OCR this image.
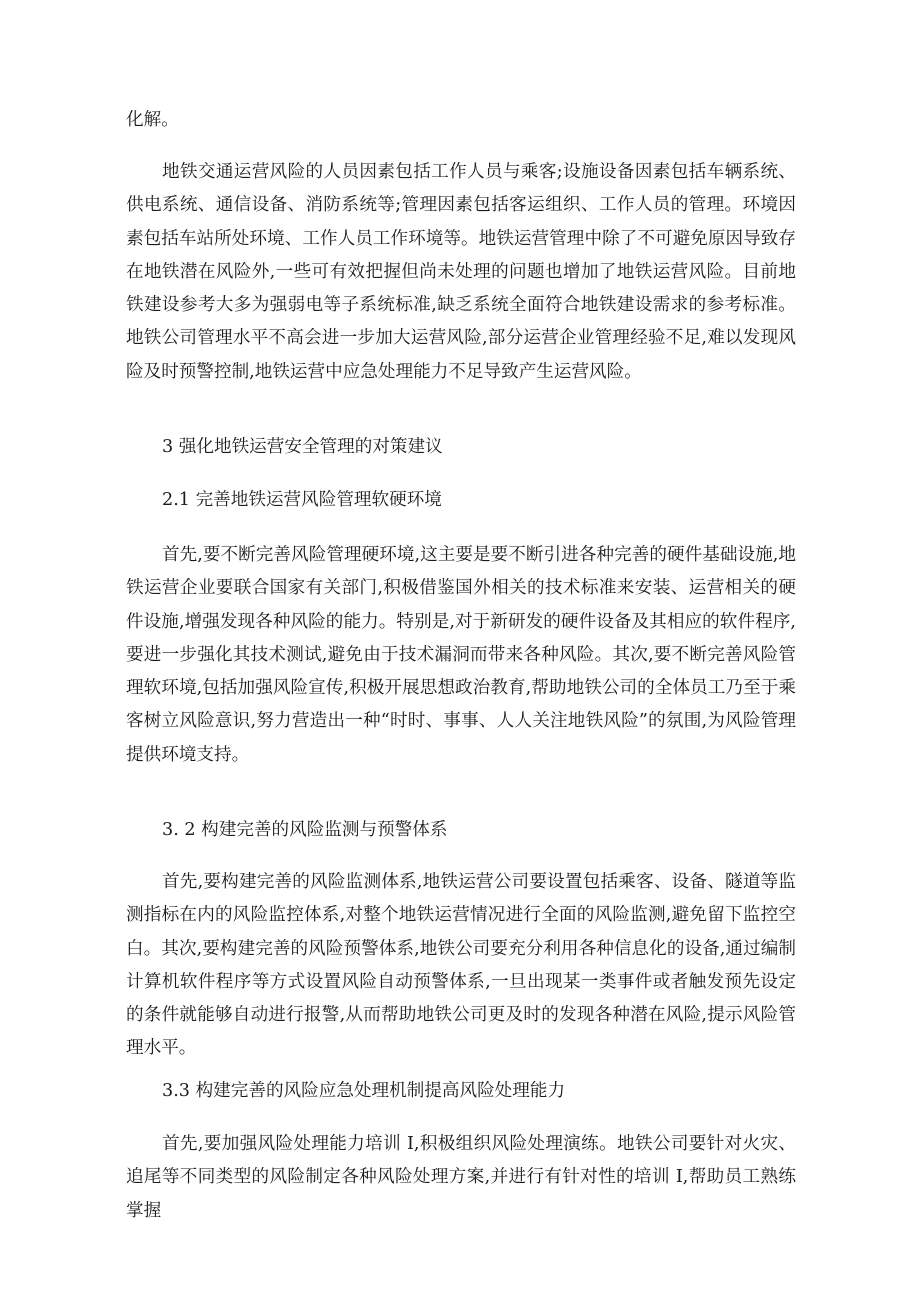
化解。

地铁交通运营风险的人员因素包括工作人员与乘客;设施设备因素包括车辆系统、供电系统、通信设备、消防系统等;管理因素包括客运组织、工作人员的管理。环境因素包括车站所处环境、工作人员工作环境等。地铁运营管理中除了不可避免原因导致存在地铁潜在风险外,一些可有效把握但尚未处理的问题也增加了地铁运营风险。目前地铁建设参考大多为强弱电等子系统标准,缺乏系统全面符合地铁建设需求的参考标准。地铁公司管理水平不高会进一步加大运营风险,部分运营企业管理经验不足,难以发现风险及时预警控制,地铁运营中应急处理能力不足导致产生运营风险。

3 强化地铁运营安全管理的对策建议

2.1 完善地铁运营风险管理软硬环境

首先,要不断完善风险管理硬环境,这主要是要不断引进各种完善的硬件基础设施,地铁运营企业要联合国家有关部门,积极借鉴国外相关的技术标准来安装、运营相关的硬件设施,增强发现各种风险的能力。特别是,对于新研发的硬件设备及其相应的软件程序,要进一步强化其技术测试,避免由于技术漏洞而带来各种风险。其次,要不断完善风险管理软环境,包括加强风险宣传,积极开展思想政治教育,帮助地铁公司的全体员工乃至于乘客树立风险意识,努力营造出一种“时时、事事、人人关注地铁风险”的氛围,为风险管理提供环境支持。

3. 2 构建完善的风险监测与预警体系

首先,要构建完善的风险监测体系,地铁运营公司要设置包括乘客、设备、隧道等监测指标在内的风险监控体系,对整个地铁运营情况进行全面的风险监测,避免留下监控空白。其次,要构建完善的风险预警体系,地铁公司要充分利用各种信息化的设备,通过编制计算机软件程序等方式设置风险自动预警体系,一旦出现某一类事件或者触发预先设定的条件就能够自动进行报警,从而帮助地铁公司更及时的发现各种潜在风险,提示风险管理水平。

3.3 构建完善的风险应急处理机制提高风险处理能力

首先,要加强风险处理能力培训 I,积极组织风险处理演练。地铁公司要针对火灾、追尾等不同类型的风险制定各种风险处理方案,并进行有针对性的培训 I,帮助员工熟练掌握
